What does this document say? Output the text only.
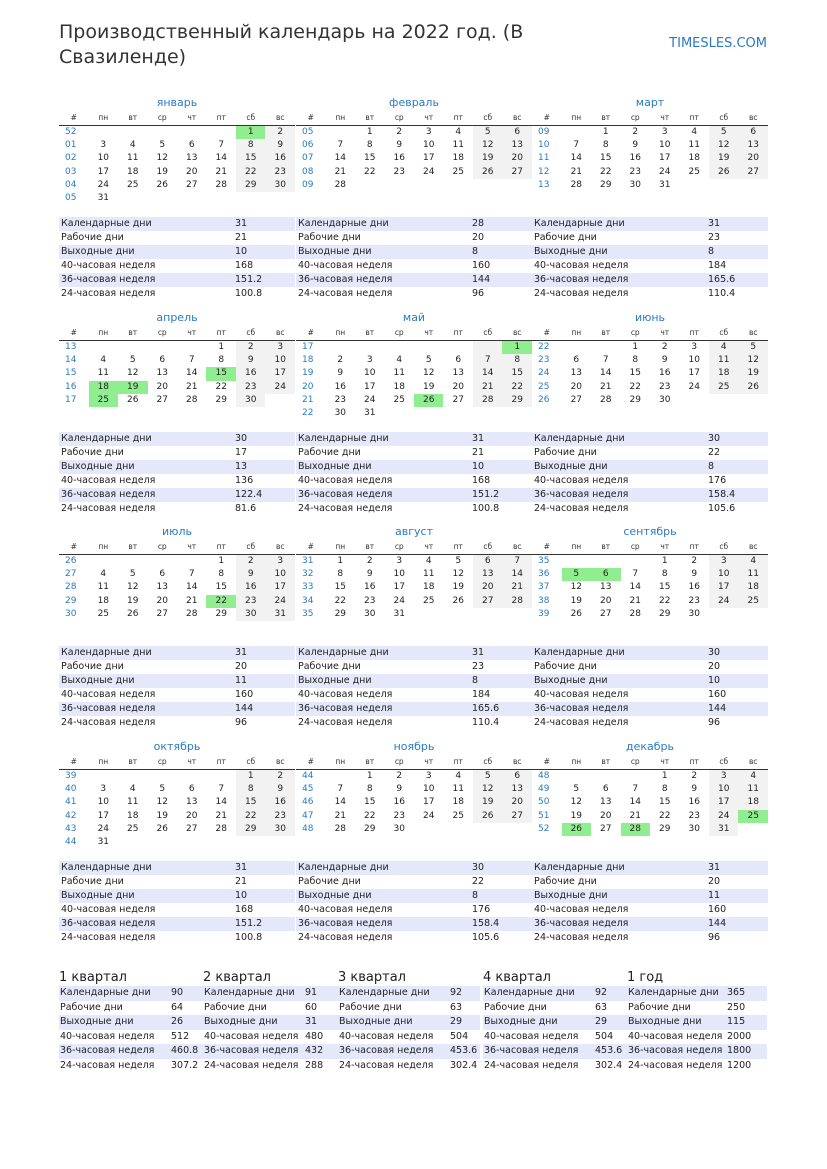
Производственный календарь на 2022 год. (В Свазиленде)
TIMESLES.COM
январь
#	пн	вт	ср	чт	пт	сб	вс
52						1	2
01	3	4	5	6	7	8	9
02	10	11	12	13	14	15	16
03	17	18	19	20	21	22	23
04	24	25	26	27	28	29	30
05	31						
Календарные дни	31
Рабочие дни	21
Выходные дни	10
40-часовая неделя	168
36-часовая неделя	151.2
24-часовая неделя	100.8
февраль
#	пн	вт	ср	чт	пт	сб	вс
05		1	2	3	4	5	6
06	7	8	9	10	11	12	13
07	14	15	16	17	18	19	20
08	21	22	23	24	25	26	27
09	28						
Календарные дни	28
Рабочие дни	20
Выходные дни	8
40-часовая неделя	160
36-часовая неделя	144
24-часовая неделя	96
март
#	пн	вт	ср	чт	пт	сб	вс
09		1	2	3	4	5	6
10	7	8	9	10	11	12	13
11	14	15	16	17	18	19	20
12	21	22	23	24	25	26	27
13	28	29	30	31			
Календарные дни	31
Рабочие дни	23
Выходные дни	8
40-часовая неделя	184
36-часовая неделя	165.6
24-часовая неделя	110.4
апрель
#	пн	вт	ср	чт	пт	сб	вс
13					1	2	3
14	4	5	6	7	8	9	10
15	11	12	13	14	15	16	17
16	18	19	20	21	22	23	24
17	25	26	27	28	29	30	
Календарные дни	30
Рабочие дни	17
Выходные дни	13
40-часовая неделя	136
36-часовая неделя	122.4
24-часовая неделя	81.6
май
#	пн	вт	ср	чт	пт	сб	вс
17							1
18	2	3	4	5	6	7	8
19	9	10	11	12	13	14	15
20	16	17	18	19	20	21	22
21	23	24	25	26	27	28	29
22	30	31					
Календарные дни	31
Рабочие дни	21
Выходные дни	10
40-часовая неделя	168
36-часовая неделя	151.2
24-часовая неделя	100.8
июнь
#	пн	вт	ср	чт	пт	сб	вс
22			1	2	3	4	5
23	6	7	8	9	10	11	12
24	13	14	15	16	17	18	19
25	20	21	22	23	24	25	26
26	27	28	29	30			
Календарные дни	30
Рабочие дни	22
Выходные дни	8
40-часовая неделя	176
36-часовая неделя	158.4
24-часовая неделя	105.6
июль
#	пн	вт	ср	чт	пт	сб	вс
26					1	2	3
27	4	5	6	7	8	9	10
28	11	12	13	14	15	16	17
29	18	19	20	21	22	23	24
30	25	26	27	28	29	30	31
Календарные дни	31
Рабочие дни	20
Выходные дни	11
40-часовая неделя	160
36-часовая неделя	144
24-часовая неделя	96
август
#	пн	вт	ср	чт	пт	сб	вс
31	1	2	3	4	5	6	7
32	8	9	10	11	12	13	14
33	15	16	17	18	19	20	21
34	22	23	24	25	26	27	28
35	29	30	31				
Календарные дни	31
Рабочие дни	23
Выходные дни	8
40-часовая неделя	184
36-часовая неделя	165.6
24-часовая неделя	110.4
сентябрь
#	пн	вт	ср	чт	пт	сб	вс
35				1	2	3	4
36	5	6	7	8	9	10	11
37	12	13	14	15	16	17	18
38	19	20	21	22	23	24	25
39	26	27	28	29	30		
Календарные дни	30
Рабочие дни	20
Выходные дни	10
40-часовая неделя	160
36-часовая неделя	144
24-часовая неделя	96
октябрь
#	пн	вт	ср	чт	пт	сб	вс
39						1	2
40	3	4	5	6	7	8	9
41	10	11	12	13	14	15	16
42	17	18	19	20	21	22	23
43	24	25	26	27	28	29	30
44	31						
Календарные дни	31
Рабочие дни	21
Выходные дни	10
40-часовая неделя	168
36-часовая неделя	151.2
24-часовая неделя	100.8
ноябрь
#	пн	вт	ср	чт	пт	сб	вс
44		1	2	3	4	5	6
45	7	8	9	10	11	12	13
46	14	15	16	17	18	19	20
47	21	22	23	24	25	26	27
48	28	29	30				
Календарные дни	30
Рабочие дни	22
Выходные дни	8
40-часовая неделя	176
36-часовая неделя	158.4
24-часовая неделя	105.6
декабрь
#	пн	вт	ср	чт	пт	сб	вс
48				1	2	3	4
49	5	6	7	8	9	10	11
50	12	13	14	15	16	17	18
51	19	20	21	22	23	24	25
52	26	27	28	29	30	31	
Календарные дни	31
Рабочие дни	20
Выходные дни	11
40-часовая неделя	160
36-часовая неделя	144
24-часовая неделя	96
1 квартал
Календарные дни	90
Рабочие дни	64
Выходные дни	26
40-часовая неделя	512
36-часовая неделя	460.8
24-часовая неделя	307.2
2 квартал
Календарные дни	91
Рабочие дни	60
Выходные дни	31
40-часовая неделя	480
36-часовая неделя	432
24-часовая неделя	288
3 квартал
Календарные дни	92
Рабочие дни	63
Выходные дни	29
40-часовая неделя	504
36-часовая неделя	453.6
24-часовая неделя	302.4
4 квартал
Календарные дни	92
Рабочие дни	63
Выходные дни	29
40-часовая неделя	504
36-часовая неделя	453.6
24-часовая неделя	302.4
1 год
Календарные дни	365
Рабочие дни	250
Выходные дни	115
40-часовая неделя	2000
36-часовая неделя	1800
24-часовая неделя	1200
